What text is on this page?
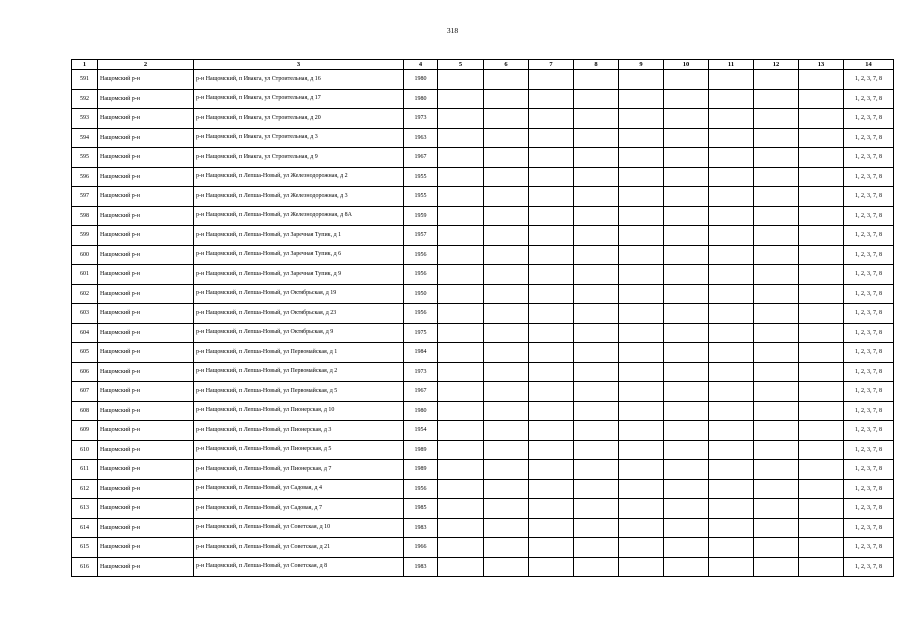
318
1	2	3	4	5	6	7	8	9	10	11	12	13	14
591	Нащомский р-н	р-н Нащомский, п Ивакга, ул Строительная, д 16	1980										1, 2, 3, 7, 8
592	Нащомский р-н	р-н Нащомский, п Ивакга, ул Строительная, д 17	1980										1, 2, 3, 7, 8
593	Нащомский р-н	р-н Нащомский, п Ивакга, ул Строительная, д 20	1973										1, 2, 3, 7, 8
594	Нащомский р-н	р-н Нащомский, п Ивакга, ул Строительная, д 3	1963										1, 2, 3, 7, 8
595	Нащомский р-н	р-н Нащомский, п Ивакга, ул Строительная, д 9	1967										1, 2, 3, 7, 8
596	Нащомский р-н	р-н Нащомский, п Лепша-Новый, ул Железнодорожная, д 2	1955										1, 2, 3, 7, 8
597	Нащомский р-н	р-н Нащомский, п Лепша-Новый, ул Железнодорожная, д 3	1955										1, 2, 3, 7, 8
598	Нащомский р-н	р-н Нащомский, п Лепша-Новый, ул Железнодорожная, д 8А	1959										1, 2, 3, 7, 8
599	Нащомский р-н	р-н Нащомский, п Лепша-Новый, ул Заречная Тупик, д 1	1957										1, 2, 3, 7, 8
600	Нащомский р-н	р-н Нащомский, п Лепша-Новый, ул Заречная Тупик, д 6	1956										1, 2, 3, 7, 8
601	Нащомский р-н	р-н Нащомский, п Лепша-Новый, ул Заречная Тупик, д 9	1956										1, 2, 3, 7, 8
602	Нащомский р-н	р-н Нащомский, п Лепша-Новый, ул Октябрьская, д 19	1950										1, 2, 3, 7, 8
603	Нащомский р-н	р-н Нащомский, п Лепша-Новый, ул Октябрьская, д 23	1956										1, 2, 3, 7, 8
604	Нащомский р-н	р-н Нащомский, п Лепша-Новый, ул Октябрьская, д 9	1975										1, 2, 3, 7, 8
605	Нащомский р-н	р-н Нащомский, п Лепша-Новый, ул Первомайская, д 1	1984										1, 2, 3, 7, 8
606	Нащомский р-н	р-н Нащомский, п Лепша-Новый, ул Первомайская, д 2	1973										1, 2, 3, 7, 8
607	Нащомский р-н	р-н Нащомский, п Лепша-Новый, ул Первомайская, д 5	1967										1, 2, 3, 7, 8
608	Нащомский р-н	р-н Нащомский, п Лепша-Новый, ул Пионерская, д 10	1980										1, 2, 3, 7, 8
609	Нащомский р-н	р-н Нащомский, п Лепша-Новый, ул Пионерская, д 3	1954										1, 2, 3, 7, 8
610	Нащомский р-н	р-н Нащомский, п Лепша-Новый, ул Пионерская, д 5	1989										1, 2, 3, 7, 8
611	Нащомский р-н	р-н Нащомский, п Лепша-Новый, ул Пионерская, д 7	1989										1, 2, 3, 7, 8
612	Нащомский р-н	р-н Нащомский, п Лепша-Новый, ул Садовая, д 4	1956										1, 2, 3, 7, 8
613	Нащомский р-н	р-н Нащомский, п Лепша-Новый, ул Садовая, д 7	1985										1, 2, 3, 7, 8
614	Нащомский р-н	р-н Нащомский, п Лепша-Новый, ул Советская, д 10	1983										1, 2, 3, 7, 8
615	Нащомский р-н	р-н Нащомский, п Лепша-Новый, ул Советская, д 21	1966										1, 2, 3, 7, 8
616	Нащомский р-н	р-н Нащомский, п Лепша-Новый, ул Советская, д 8	1983										1, 2, 3, 7, 8
